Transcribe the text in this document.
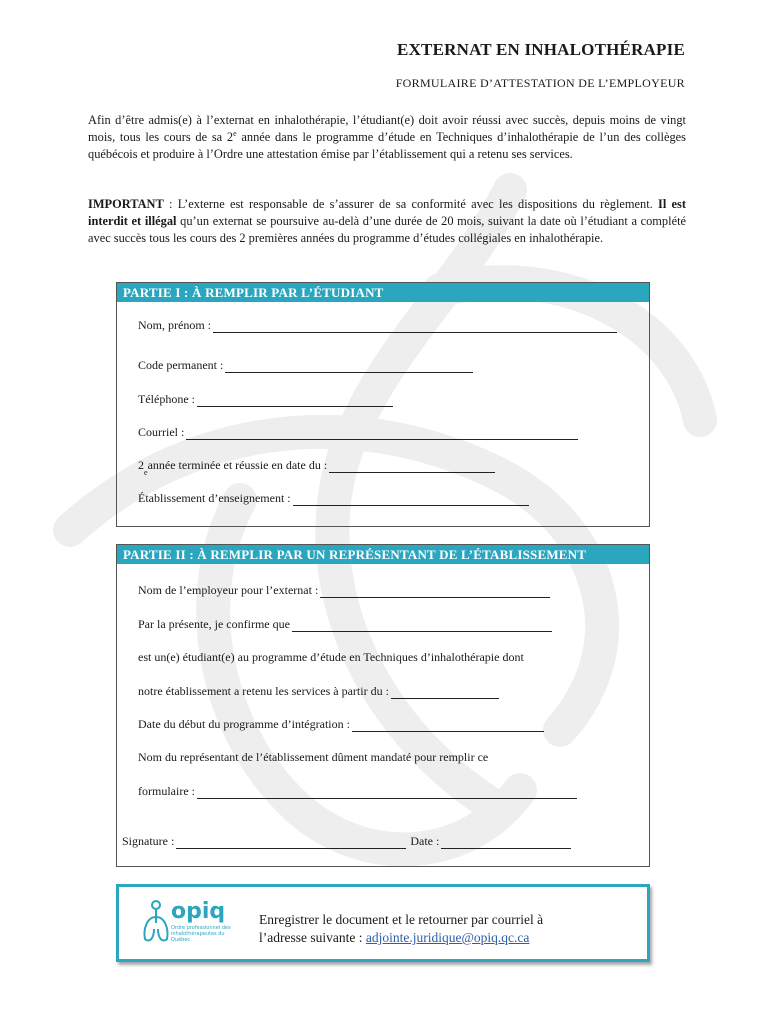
EXTERNAT EN INHALOTHÉRAPIE
FORMULAIRE D’ATTESTATION DE L’EMPLOYEUR
Afin d’être admis(e) à l’externat en inhalothérapie, l’étudiant(e) doit avoir réussi avec succès, depuis moins de vingt mois, tous les cours de sa 2e année dans le programme d’étude en Techniques d’inhalothérapie de l’un des collèges québécois et produire à l’Ordre une attestation émise par l’établissement qui a retenu ses services.
IMPORTANT : L’externe est responsable de s’assurer de sa conformité avec les dispositions du règlement. Il est interdit et illégal qu’un externat se poursuive au-delà d’une durée de 20 mois, suivant la date où l’étudiant a complété avec succès tous les cours des 2 premières années du programme d’études collégiales en inhalothérapie.
PARTIE I : À REMPLIR PAR L’ÉTUDIANT
Nom, prénom :
Code permanent :
Téléphone :
Courriel :
2
e
année terminée et réussie en date du :
Établissement d’enseignement :
PARTIE II : À REMPLIR PAR UN REPRÉSENTANT DE L’ÉTABLISSEMENT
Nom de l’employeur pour l’externat :
Par la présente, je confirme que
est un(e) étudiant(e) au programme d’étude en Techniques d’inhalothérapie dont
notre établissement a retenu les services à partir du :
Date du début du programme d’intégration :
Nom du représentant de l’établissement dûment mandaté pour remplir ce
formulaire :
Signature :	Date :
opiq
Ordre professionnel des inhalothérapeutes du Québec
Enregistrer le document et le retourner par courriel à
l’adresse suivante : adjointe.juridique@opiq.qc.ca
